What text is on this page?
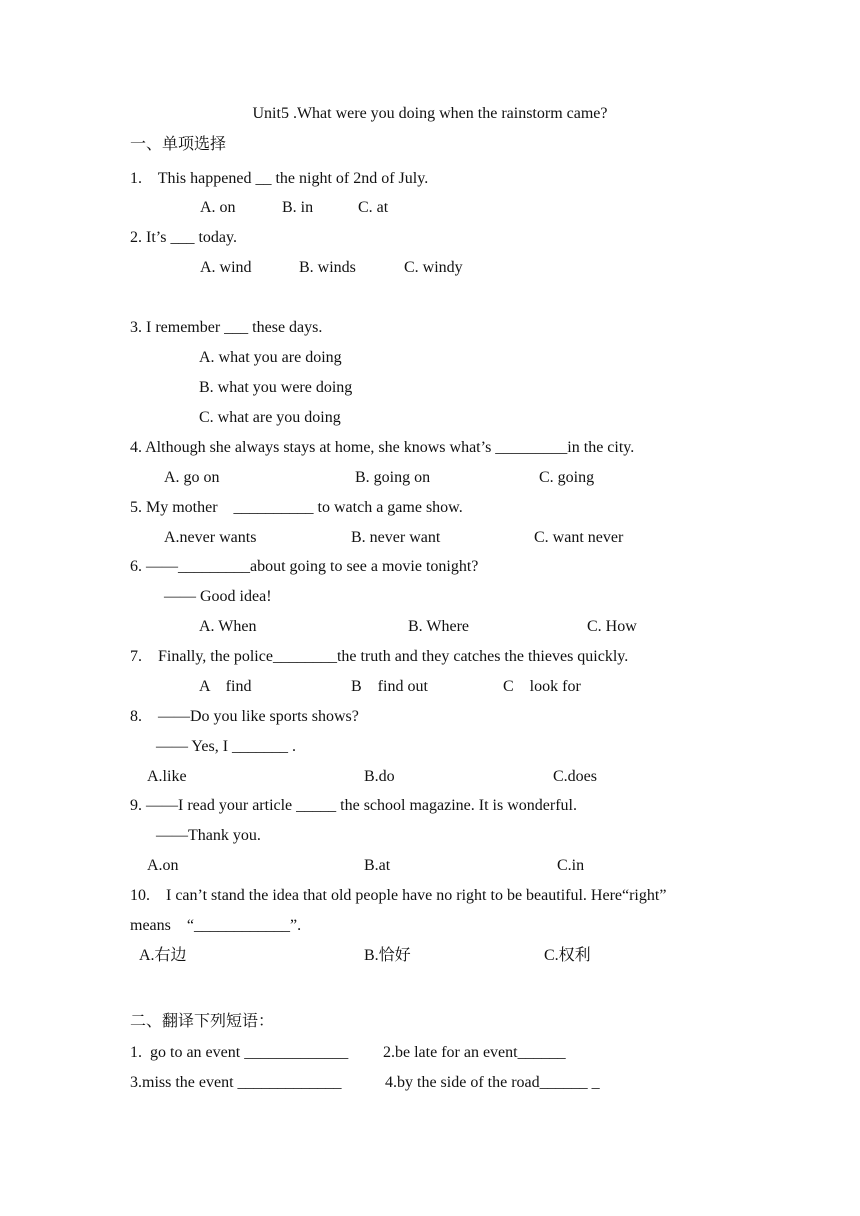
Unit5 .What were you doing when the rainstorm came?
一、单项选择
1.    This happened __ the night of 2nd of July.
A. on	B. in	C. at
2. It’s ___ today.
A. wind	B. winds	C. windy
3. I remember ___ these days.
A. what you are doing
B. what you were doing
C. what are you doing
4. Although she always stays at home, she knows what’s _________in the city.
A. go on	B. going on	C. going
5. My mother    __________ to watch a game show.
A.never wants	B. never want	C. want never
6. ——_________about going to see a movie tonight?
—— Good idea!
A. When	B. Where	C. How
7.    Finally, the police________the truth and they catches the thieves quickly.
A    find	B    find out	C    look for
8.    ——Do you like sports shows?
—— Yes, I _______ .
A.like	B.do	C.does
9. ——I read your article _____ the school magazine. It is wonderful.
——Thank you.
A.on	B.at	C.in
10.    I can’t stand the idea that old people have no right to be beautiful. Here“right”
means    “____________”.
A.右边	B.恰好	C.权利
二、翻译下列短语：
1.  go to an event _____________ 2.be late for an event______
3.miss the event _____________	4.by the side of the road______ _
